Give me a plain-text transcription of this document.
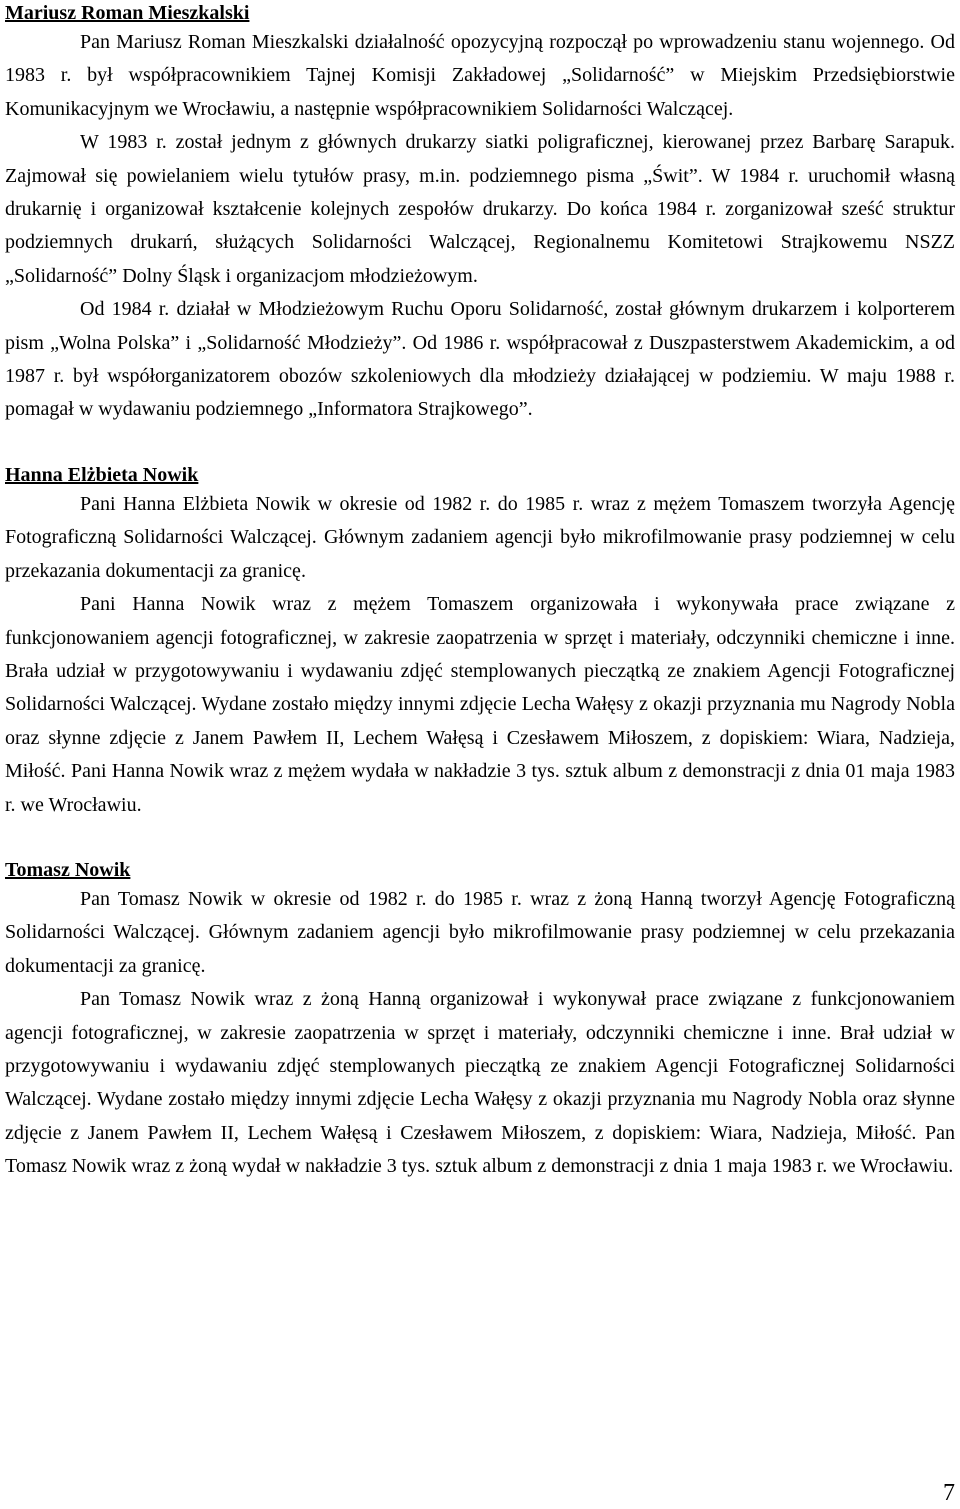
Mariusz Roman Mieszkalski

Pan Mariusz Roman Mieszkalski działalność opozycyjną rozpoczął po wprowadzeniu stanu wojennego. Od 1983 r. był współpracownikiem Tajnej Komisji Zakładowej „Solidarność” w Miejskim Przedsiębiorstwie Komunikacyjnym we Wrocławiu, a następnie współpracownikiem Solidarności Walczącej.

W 1983 r. został jednym z głównych drukarzy siatki poligraficznej, kierowanej przez Barbarę Sarapuk. Zajmował się powielaniem wielu tytułów prasy, m.in. podziemnego pisma „Świt”. W 1984 r. uruchomił własną drukarnię i organizował kształcenie kolejnych zespołów drukarzy. Do końca 1984 r. zorganizował sześć struktur podziemnych drukarń, służących Solidarności Walczącej, Regionalnemu Komitetowi Strajkowemu NSZZ „Solidarność” Dolny Śląsk i organizacjom młodzieżowym.

Od 1984 r. działał w Młodzieżowym Ruchu Oporu Solidarność, został głównym drukarzem i kolporterem pism „Wolna Polska” i „Solidarność Młodzieży”. Od 1986 r. współpracował z Duszpasterstwem Akademickim, a od 1987 r. był współorganizatorem obozów szkoleniowych dla młodzieży działającej w podziemiu. W maju 1988 r. pomagał w wydawaniu podziemnego „Informatora Strajkowego”.

Hanna Elżbieta Nowik

Pani Hanna Elżbieta Nowik w okresie od 1982 r. do 1985 r. wraz z mężem Tomaszem tworzyła Agencję Fotograficzną Solidarności Walczącej. Głównym zadaniem agencji było mikrofilmowanie prasy podziemnej w celu przekazania dokumentacji za granicę.

Pani Hanna Nowik wraz z mężem Tomaszem organizowała i wykonywała prace związane z funkcjonowaniem agencji fotograficznej, w zakresie zaopatrzenia w sprzęt i materiały, odczynniki chemiczne i inne. Brała udział w przygotowywaniu i wydawaniu zdjęć stemplowanych pieczątką ze znakiem Agencji Fotograficznej Solidarności Walczącej. Wydane zostało między innymi zdjęcie Lecha Wałęsy z okazji przyznania mu Nagrody Nobla oraz słynne zdjęcie z Janem Pawłem II, Lechem Wałęsą i Czesławem Miłoszem, z dopiskiem: Wiara, Nadzieja, Miłość. Pani Hanna Nowik wraz z mężem wydała w nakładzie 3 tys. sztuk album z demonstracji z dnia 01 maja 1983 r. we Wrocławiu.

Tomasz Nowik

Pan Tomasz Nowik w okresie od 1982 r. do 1985 r. wraz z żoną Hanną tworzył Agencję Fotograficzną Solidarności Walczącej. Głównym zadaniem agencji było mikrofilmowanie prasy podziemnej w celu przekazania dokumentacji za granicę.

Pan Tomasz Nowik wraz z żoną Hanną organizował i wykonywał prace związane z funkcjonowaniem agencji fotograficznej, w zakresie zaopatrzenia w sprzęt i materiały, odczynniki chemiczne i inne. Brał udział w przygotowywaniu i wydawaniu zdjęć stemplowanych pieczątką ze znakiem Agencji Fotograficznej Solidarności Walczącej. Wydane zostało między innymi zdjęcie Lecha Wałęsy z okazji przyznania mu Nagrody Nobla oraz słynne zdjęcie z Janem Pawłem II, Lechem Wałęsą i Czesławem Miłoszem, z dopiskiem: Wiara, Nadzieja, Miłość. Pan Tomasz Nowik wraz z żoną wydał w nakładzie 3 tys. sztuk album z demonstracji z dnia 1 maja 1983 r. we Wrocławiu.

7
